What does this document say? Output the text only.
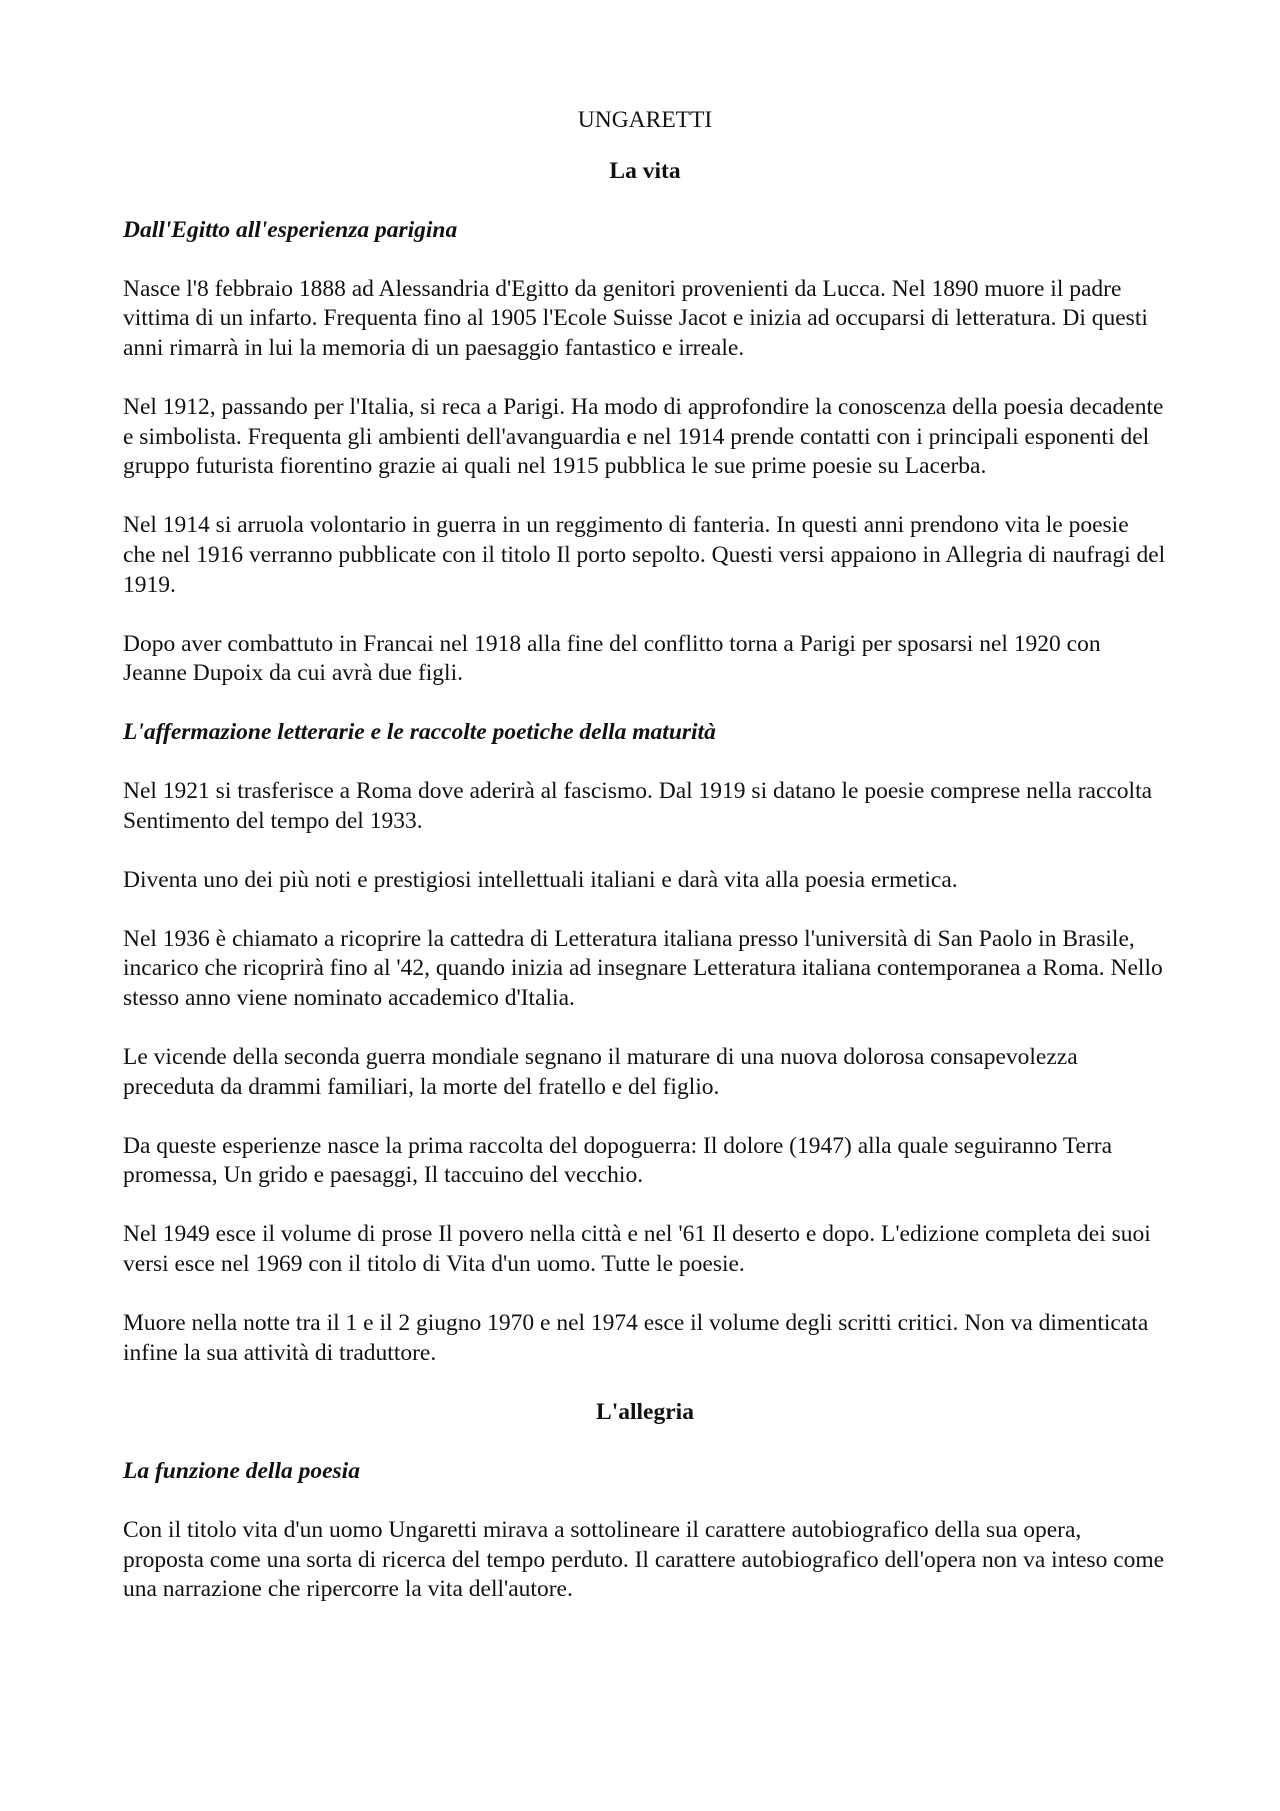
UNGARETTI
La vita
Dall'Egitto all'esperienza parigina

Nasce l'8 febbraio 1888 ad Alessandria d'Egitto da genitori provenienti da Lucca. Nel 1890 muore il padre vittima di un infarto. Frequenta fino al 1905 l'Ecole Suisse Jacot e inizia ad occuparsi di letteratura. Di questi anni rimarrà in lui la memoria di un paesaggio fantastico e irreale.

Nel 1912, passando per l'Italia, si reca a Parigi. Ha modo di approfondire la conoscenza della poesia decadente e simbolista. Frequenta gli ambienti dell'avanguardia e nel 1914 prende contatti con i principali esponenti del gruppo futurista fiorentino grazie ai quali nel 1915 pubblica le sue prime poesie su Lacerba.

Nel 1914 si arruola volontario in guerra in un reggimento di fanteria. In questi anni prendono vita le poesie che nel 1916 verranno pubblicate con il titolo Il porto sepolto. Questi versi appaiono in Allegria di naufragi del 1919.

Dopo aver combattuto in Francai nel 1918 alla fine del conflitto torna a Parigi per sposarsi nel 1920 con Jeanne Dupoix da cui avrà due figli.

L'affermazione letterarie e le raccolte poetiche della maturità

Nel 1921 si trasferisce a Roma dove aderirà al fascismo. Dal 1919 si datano le poesie comprese nella raccolta Sentimento del tempo del 1933.

Diventa uno dei più noti e prestigiosi intellettuali italiani e darà vita alla poesia ermetica.

Nel 1936 è chiamato a ricoprire la cattedra di Letteratura italiana presso l'università di San Paolo in Brasile, incarico che ricoprirà fino al '42, quando inizia ad insegnare Letteratura italiana contemporanea a Roma. Nello stesso anno viene nominato accademico d'Italia.

Le vicende della seconda guerra mondiale segnano il maturare di una nuova dolorosa consapevolezza preceduta da drammi familiari, la morte del fratello e del figlio.

Da queste esperienze nasce la prima raccolta del dopoguerra: Il dolore (1947) alla quale seguiranno Terra promessa, Un grido e paesaggi, Il taccuino del vecchio.

Nel 1949 esce il volume di prose Il povero nella città e nel '61 Il deserto e dopo. L'edizione completa dei suoi versi esce nel 1969 con il titolo di Vita d'un uomo. Tutte le poesie.

Muore nella notte tra il 1 e il 2 giugno 1970 e nel 1974 esce il volume degli scritti critici. Non va dimenticata infine la sua attività di traduttore.

L'allegria
La funzione della poesia

Con il titolo vita d'un uomo Ungaretti mirava a sottolineare il carattere autobiografico della sua opera, proposta come una sorta di ricerca del tempo perduto. Il carattere autobiografico dell'opera non va inteso come una narrazione che ripercorre la vita dell'autore.
